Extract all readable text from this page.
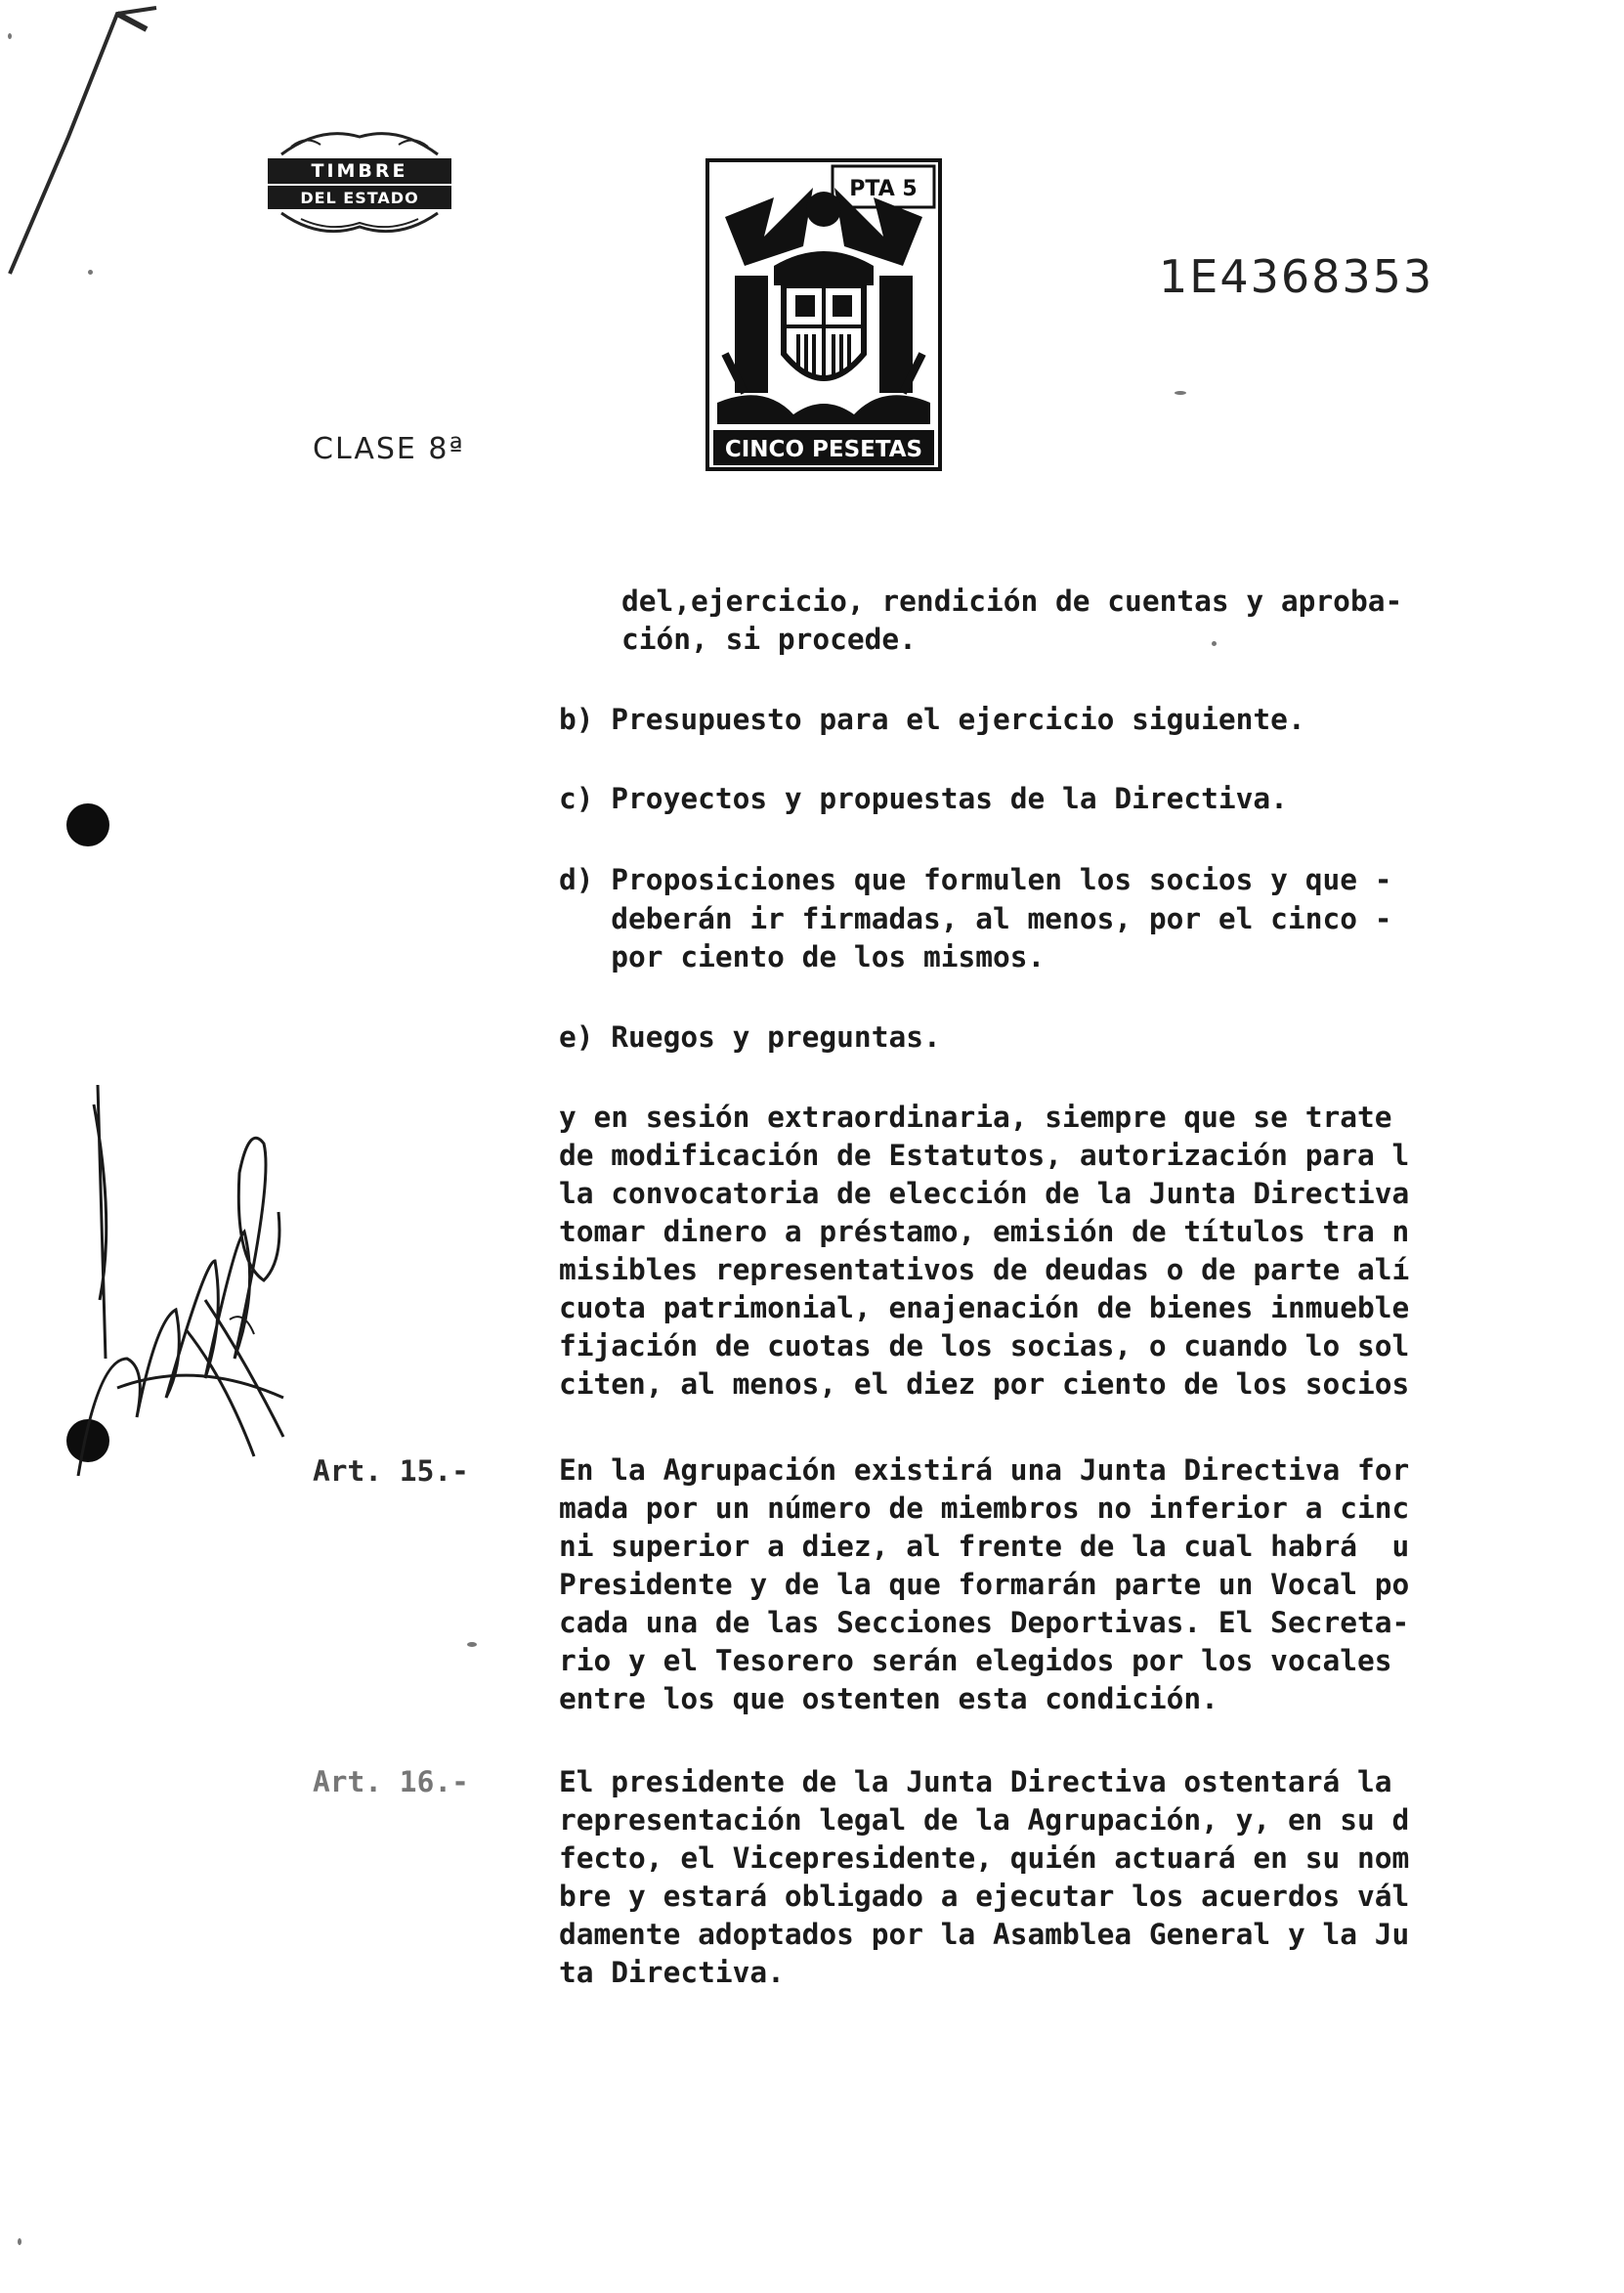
TIMBRE
DEL ESTADO	PTA 5
CINCO PESETAS
1E4368353
CLASE 8ª
del,ejercicio, rendición de cuentas y aproba-
ción, si procede.
b) Presupuesto para el ejercicio siguiente.
c) Proyectos y propuestas de la Directiva.
d) Proposiciones que formulen los socios y que -
deberán ir firmadas, al menos, por el cinco -
por ciento de los mismos.
e) Ruegos y preguntas.
y en sesión extraordinaria, siempre que se trate
de modificación de Estatutos, autorización para l
la convocatoria de elección de la Junta Directiva
tomar dinero a préstamo, emisión de títulos tra n
misibles representativos de deudas o de parte alí
cuota patrimonial, enajenación de bienes inmueble
fijación de cuotas de los socias, o cuando lo sol
citen, al menos, el diez por ciento de los socios
Art. 15.-	En la Agrupación existirá una Junta Directiva for
mada por un número de miembros no inferior a cinc
ni superior a diez, al frente de la cual habrá  u
Presidente y de la que formarán parte un Vocal po
cada una de las Secciones Deportivas. El Secreta-
rio y el Tesorero serán elegidos por los vocales
entre los que ostenten esta condición.
Art. 16.-	El presidente de la Junta Directiva ostentará la
representación legal de la Agrupación, y, en su d
fecto, el Vicepresidente, quién actuará en su nom
bre y estará obligado a ejecutar los acuerdos vál
damente adoptados por la Asamblea General y la Ju
ta Directiva.
